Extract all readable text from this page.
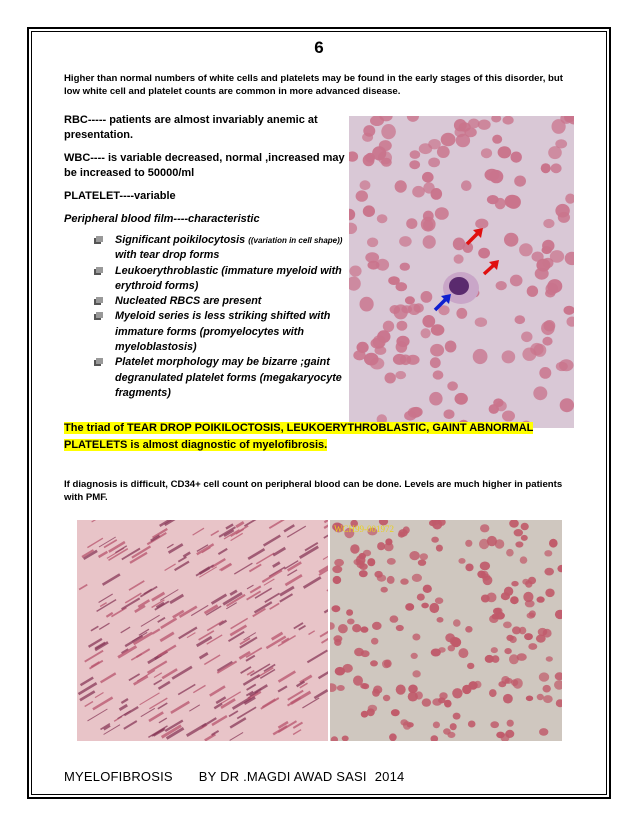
6
Higher than normal numbers of white cells and platelets may be found in the early stages of this disorder, but low white cell and platelet counts are common in more advanced disease.

RBC----- patients are almost invariably anemic at presentation.

WBC---- is variable decreased, normal ,increased may be increased to 50000/ml

PLATELET----variable

Peripheral blood film----characteristic

Significant poikilocytosis ((variation in cell shape)) with tear drop forms
Leukoerythroblastic (immature myeloid with erythroid forms)
Nucleated RBCS are present
Myeloid series is less striking shifted with immature forms (promyelocytes with myeloblastosis)
Platelet morphology may be bizarre ;gaint degranulated platelet forms (megakaryocyte fragments)
The triad of TEAR DROP POIKILOCTOSIS, LEUKOERYTHROBLASTIC, GAINT ABNORMAL PLATELETS is almost diagnostic of myelofibrosis.
If diagnosis is difficult, CD34+ cell count on peripheral blood can be done. Levels are much higher in patients with PMF.
WCH99-001972
MYELOFIBROSIS BY DR .MAGDI AWAD SASI 2014
